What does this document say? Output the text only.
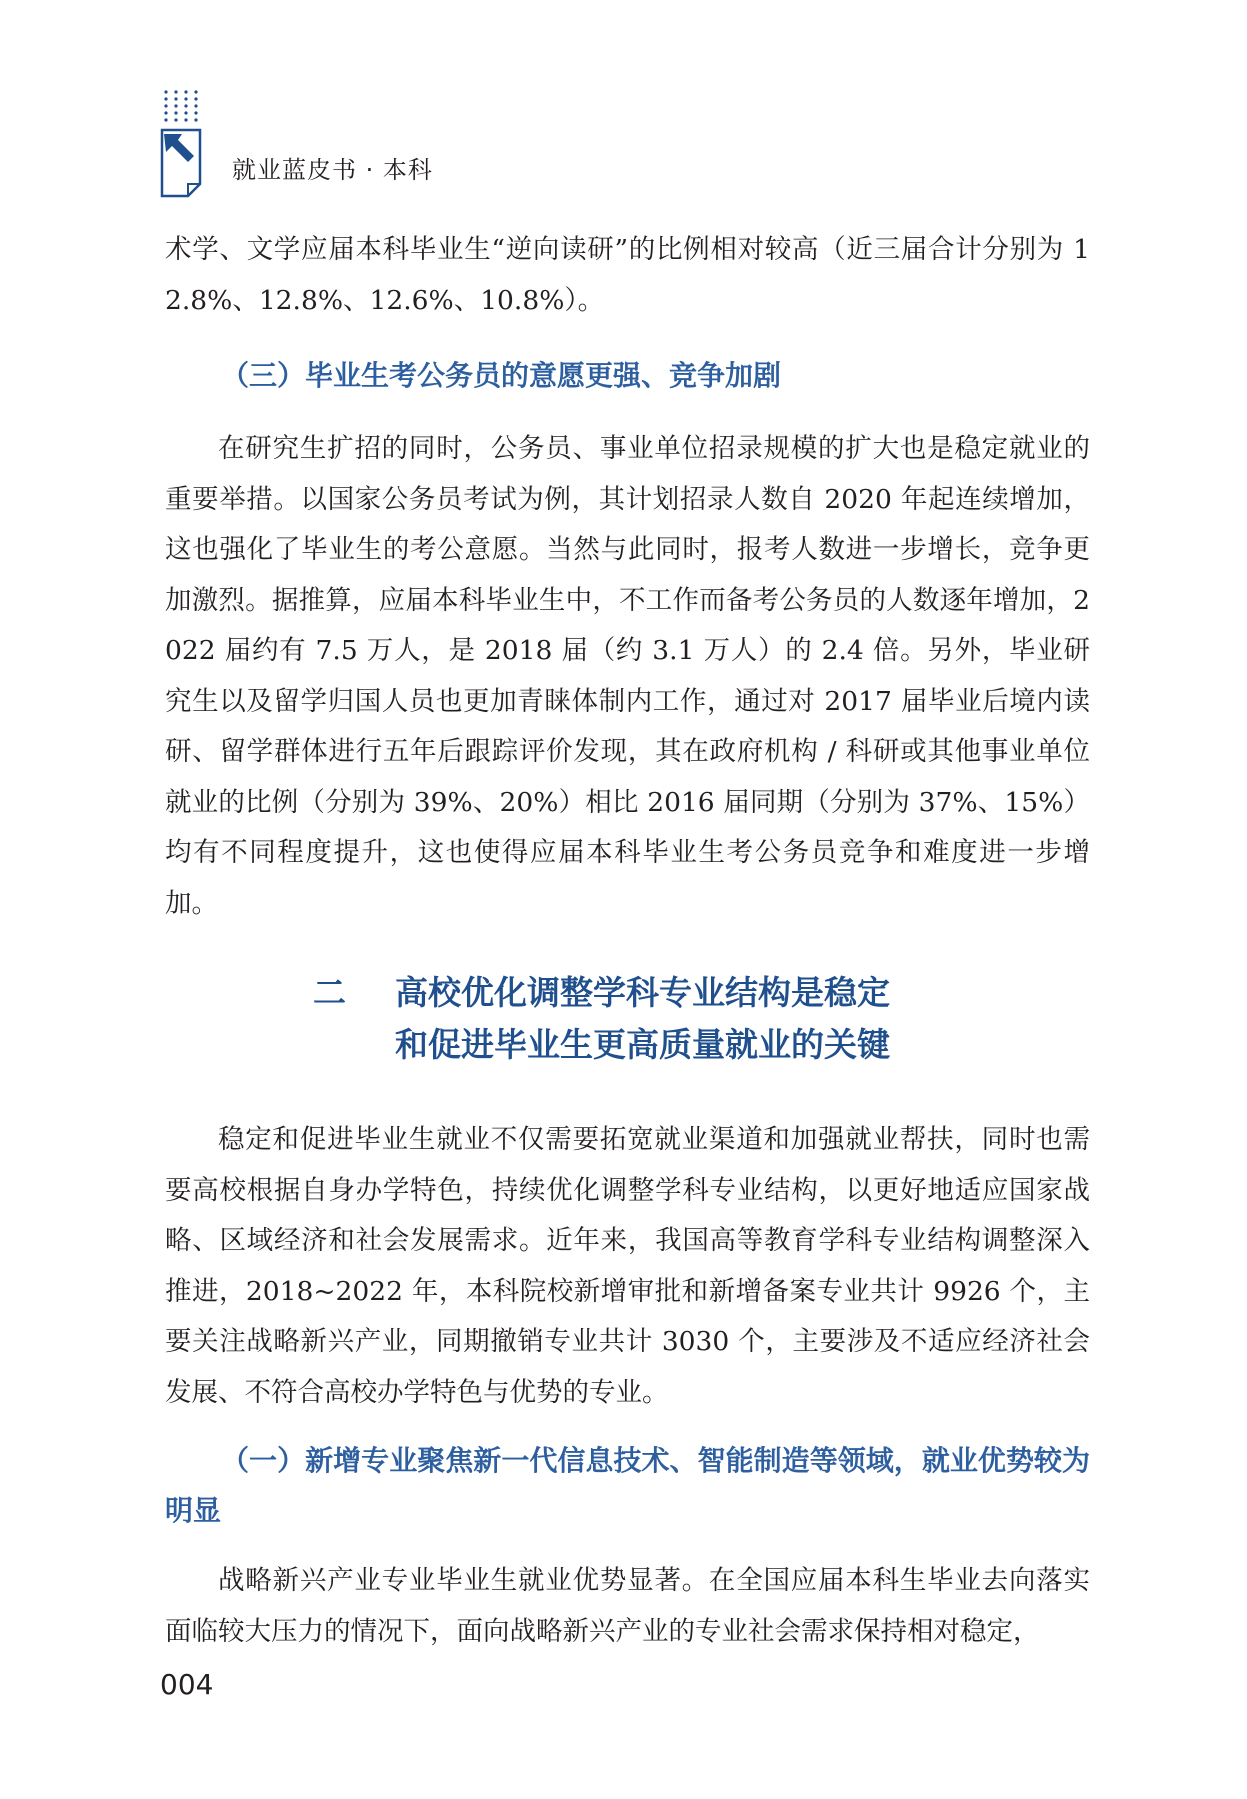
就业蓝皮书 · 本科

术学、文学应届本科毕业生“逆向读研”的比例相对较高（近三届合计分别为 12.8%、12.8%、12.6%、10.8%）。

（三）毕业生考公务员的意愿更强、竞争加剧

在研究生扩招的同时，公务员、事业单位招录规模的扩大也是稳定就业的重要举措。以国家公务员考试为例，其计划招录人数自 2020 年起连续增加，这也强化了毕业生的考公意愿。当然与此同时，报考人数进一步增长，竞争更加激烈。据推算，应届本科毕业生中，不工作而备考公务员的人数逐年增加，2022 届约有 7.5 万人，是 2018 届（约 3.1 万人）的 2.4 倍。另外，毕业研究生以及留学归国人员也更加青睐体制内工作，通过对 2017 届毕业后境内读研、留学群体进行五年后跟踪评价发现，其在政府机构 / 科研或其他事业单位就业的比例（分别为 39%、20%）相比 2016 届同期（分别为 37%、15%）均有不同程度提升，这也使得应届本科毕业生考公务员竞争和难度进一步增加。

二 高校优化调整学科专业结构是稳定
和促进毕业生更高质量就业的关键

稳定和促进毕业生就业不仅需要拓宽就业渠道和加强就业帮扶，同时也需要高校根据自身办学特色，持续优化调整学科专业结构，以更好地适应国家战略、区域经济和社会发展需求。近年来，我国高等教育学科专业结构调整深入推进，2018~2022 年，本科院校新增审批和新增备案专业共计 9926 个，主要关注战略新兴产业，同期撤销专业共计 3030 个，主要涉及不适应经济社会发展、不符合高校办学特色与优势的专业。

（一）新增专业聚焦新一代信息技术、智能制造等领域，就业优势较为明显

战略新兴产业专业毕业生就业优势显著。在全国应届本科生毕业去向落实面临较大压力的情况下，面向战略新兴产业的专业社会需求保持相对稳定，

004
